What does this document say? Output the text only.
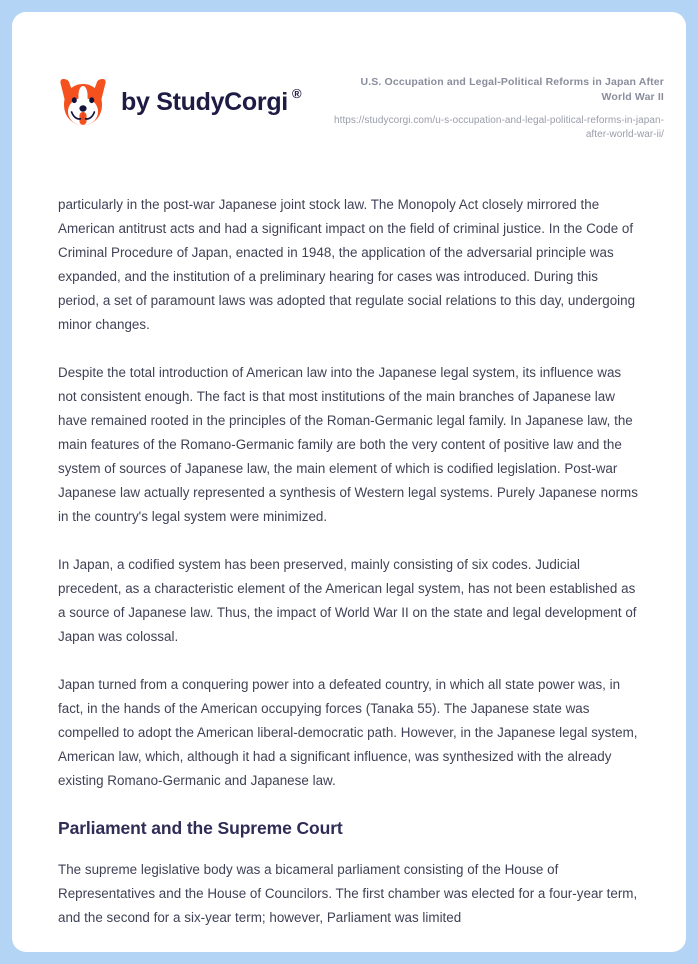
by StudyCorgi ®
U.S. Occupation and Legal-Political Reforms in Japan After World War II
https://studycorgi.com/u-s-occupation-and-legal-political-reforms-in-japan-after-world-war-ii/

particularly in the post-war Japanese joint stock law. The Monopoly Act closely mirrored the American antitrust acts and had a significant impact on the field of criminal justice. In the Code of Criminal Procedure of Japan, enacted in 1948, the application of the adversarial principle was expanded, and the institution of a preliminary hearing for cases was introduced. During this period, a set of paramount laws was adopted that regulate social relations to this day, undergoing minor changes.

Despite the total introduction of American law into the Japanese legal system, its influence was not consistent enough. The fact is that most institutions of the main branches of Japanese law have remained rooted in the principles of the Roman-Germanic legal family. In Japanese law, the main features of the Romano-Germanic family are both the very content of positive law and the system of sources of Japanese law, the main element of which is codified legislation. Post-war Japanese law actually represented a synthesis of Western legal systems. Purely Japanese norms in the country's legal system were minimized.

In Japan, a codified system has been preserved, mainly consisting of six codes. Judicial precedent, as a characteristic element of the American legal system, has not been established as a source of Japanese law. Thus, the impact of World War II on the state and legal development of Japan was colossal.

Japan turned from a conquering power into a defeated country, in which all state power was, in fact, in the hands of the American occupying forces (Tanaka 55). The Japanese state was compelled to adopt the American liberal-democratic path. However, in the Japanese legal system, American law, which, although it had a significant influence, was synthesized with the already existing Romano-Germanic and Japanese law.

Parliament and the Supreme Court

The supreme legislative body was a bicameral parliament consisting of the House of Representatives and the House of Councilors. The first chamber was elected for a four-year term, and the second for a six-year term; however, Parliament was limited
